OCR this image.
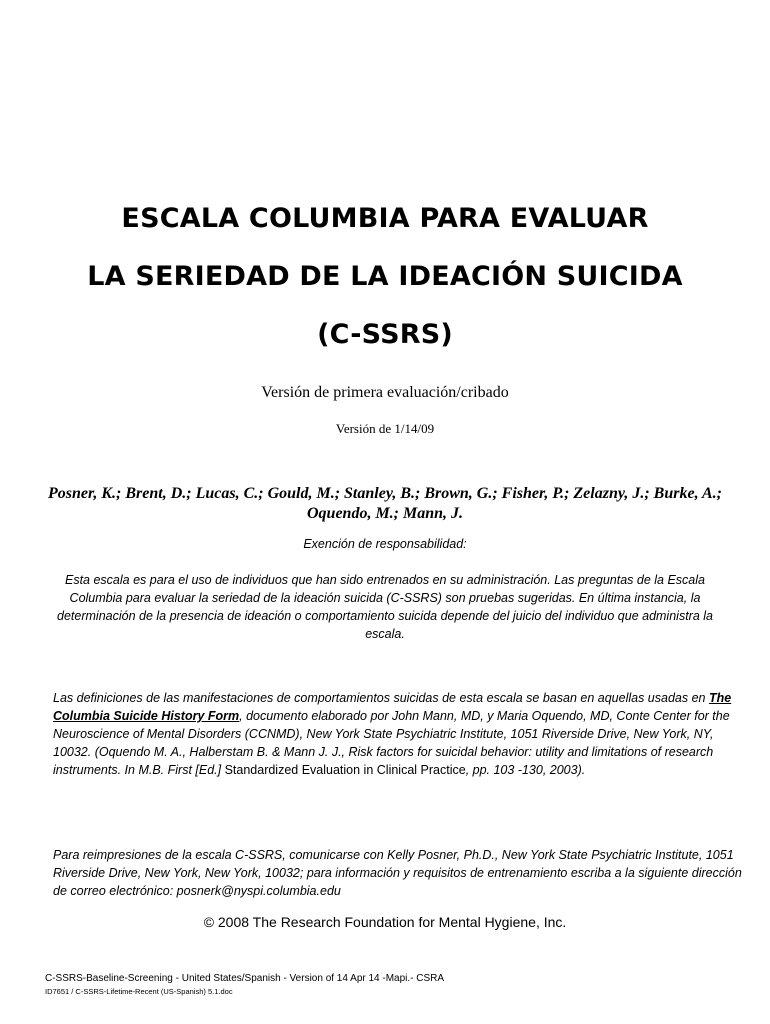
ESCALA COLUMBIA PARA EVALUAR
LA SERIEDAD DE LA IDEACIÓN SUICIDA
(C-SSRS)

Versión de primera evaluación/cribado

Versión de 1/14/09

Posner, K.; Brent, D.; Lucas, C.; Gould, M.; Stanley, B.; Brown, G.; Fisher, P.; Zelazny, J.; Burke, A.; Oquendo, M.; Mann, J.

Exención de responsabilidad:

Esta escala es para el uso de individuos que han sido entrenados en su administración. Las preguntas de la Escala Columbia para evaluar la seriedad de la ideación suicida (C-SSRS) son pruebas sugeridas. En última instancia, la determinación de la presencia de ideación o comportamiento suicida depende del juicio del individuo que administra la escala.

Las definiciones de las manifestaciones de comportamientos suicidas de esta escala se basan en aquellas usadas en The Columbia Suicide History Form, documento elaborado por John Mann, MD, y Maria Oquendo, MD, Conte Center for the Neuroscience of Mental Disorders (CCNMD), New York State Psychiatric Institute, 1051 Riverside Drive, New York, NY, 10032. (Oquendo M. A., Halberstam B. & Mann J. J., Risk factors for suicidal behavior: utility and limitations of research instruments. In M.B. First [Ed.] Standardized Evaluation in Clinical Practice, pp. 103 -130, 2003).

Para reimpresiones de la escala C-SSRS, comunicarse con Kelly Posner, Ph.D., New York State Psychiatric Institute, 1051 Riverside Drive, New York, New York, 10032; para información y requisitos de entrenamiento escriba a la siguiente dirección de correo electrónico: posnerk@nyspi.columbia.edu

© 2008 The Research Foundation for Mental Hygiene, Inc.

C-SSRS-Baseline-Screening - United States/Spanish - Version of 14 Apr 14 -Mapi.- CSRA

ID7651 / C-SSRS-Lifetime-Recent (US-Spanish) 5.1.doc
